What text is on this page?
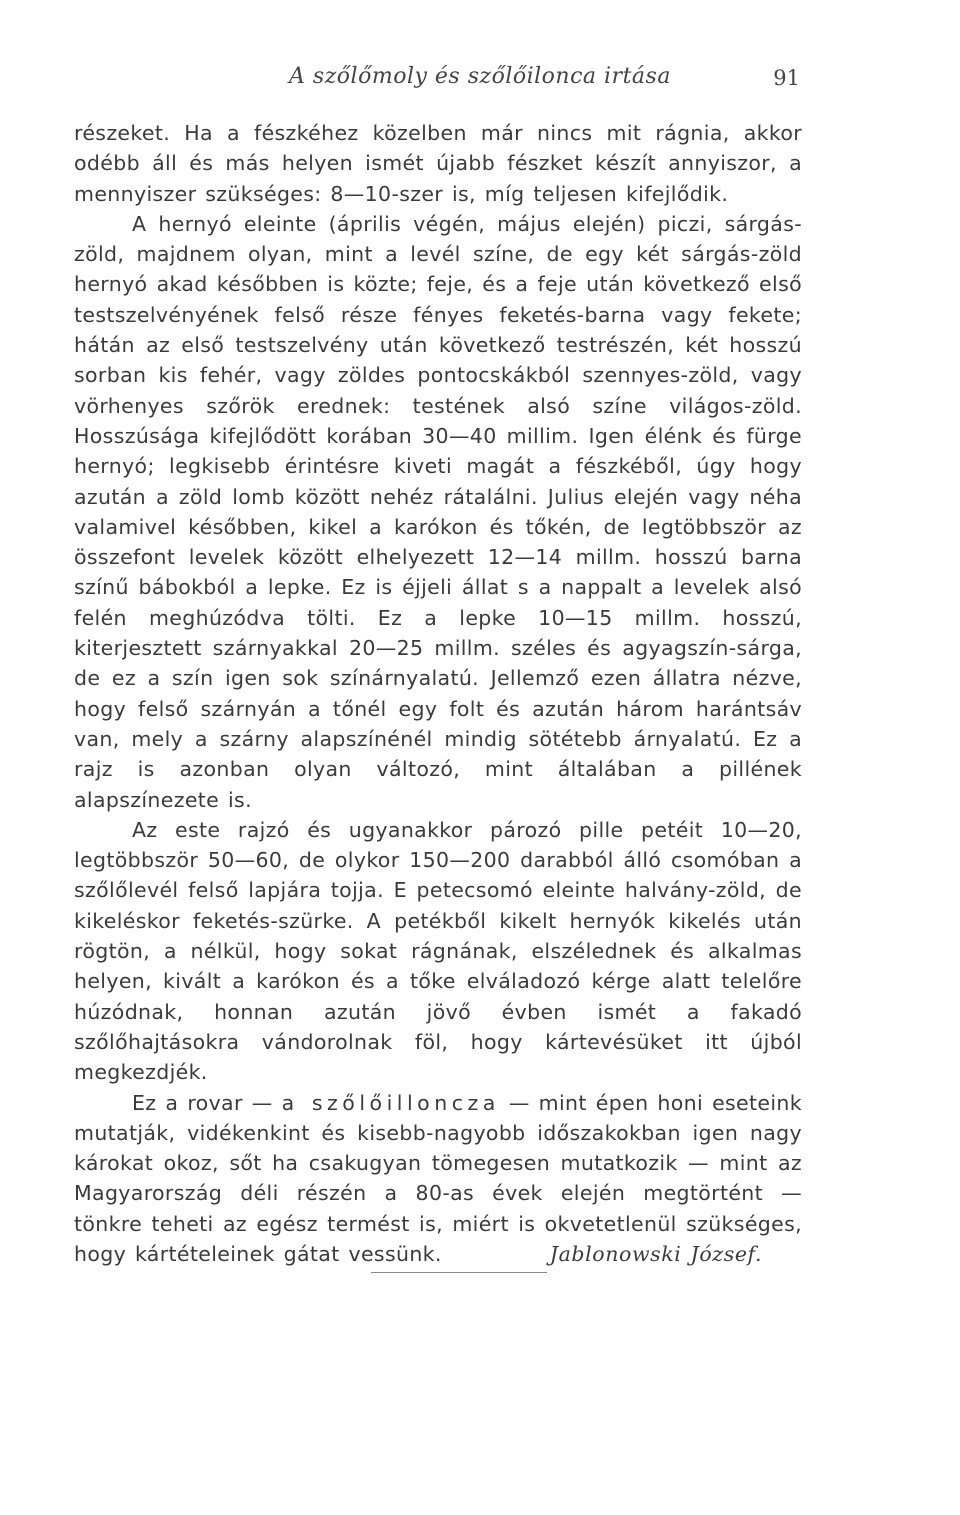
A szőlőmoly és szőlőilonca irtása	91

részeket. Ha a fészkéhez közelben már nincs mit rágnia, akkor odébb áll és más helyen ismét újabb fészket készít annyiszor, a mennyiszer szükséges: 8—10-szer is, míg teljesen kifejlődik.

A hernyó eleinte (április végén, május elején) piczi, sárgás-zöld, majdnem olyan, mint a levél színe, de egy két sárgás-zöld hernyó akad későbben is közte; feje, és a feje után következő első testszelvényének felső része fényes feketés-barna vagy fekete; hátán az első testszelvény után következő testrészén, két hosszú sorban kis fehér, vagy zöldes pontocskákból szennyes-zöld, vagy vörhenyes szőrök erednek: testének alsó színe világos-zöld. Hosszúsága kifejlődött korában 30—40 millim. Igen élénk és fürge hernyó; legkisebb érintésre kiveti magát a fészkéből, úgy hogy azután a zöld lomb között nehéz rátalálni. Julius elején vagy néha valamivel későbben, kikel a karókon és tőkén, de legtöbbször az összefont levelek között elhelyezett 12—14 millm. hosszú barna színű bábokból a lepke. Ez is éjjeli állat s a nappalt a levelek alsó felén meghúzódva tölti. Ez a lepke 10—15 millm. hosszú, kiterjesztett szárnyakkal 20—25 millm. széles és agyagszín-sárga, de ez a szín igen sok színárnyalatú. Jellemző ezen állatra nézve, hogy felső szárnyán a tőnél egy folt és azután három harántsáv van, mely a szárny alapszínénél mindig sötétebb árnyalatú. Ez a rajz is azonban olyan változó, mint általában a pillének alapszínezete is.

Az este rajzó és ugyanakkor pározó pille petéit 10—20, legtöbbször 50—60, de olykor 150—200 darabból álló csomóban a szőlőlevél felső lapjára tojja. E petecsomó eleinte halvány-zöld, de kikeléskor feketés-szürke. A petékből kikelt hernyók kikelés után rögtön, a nélkül, hogy sokat rágnának, elszélednek és alkalmas helyen, kivált a karókon és a tőke elváladozó kérge alatt telelőre húzódnak, honnan azután jövő évben ismét a fakadó szőlőhajtásokra vándorolnak föl, hogy kártevésüket itt újból megkezdjék.

Ez a rovar — a szőlőilloncza — mint épen honi eseteink mutatják, vidékenkint és kisebb-nagyobb időszakokban igen nagy károkat okoz, sőt ha csakugyan tömegesen mutatkozik — mint az Magyarország déli részén a 80-as évek elején megtörtént — tönkre teheti az egész termést is, miért is okvetetlenül szükséges, hogy kártételeinek gátat vessünk.	Jablonowski József.
